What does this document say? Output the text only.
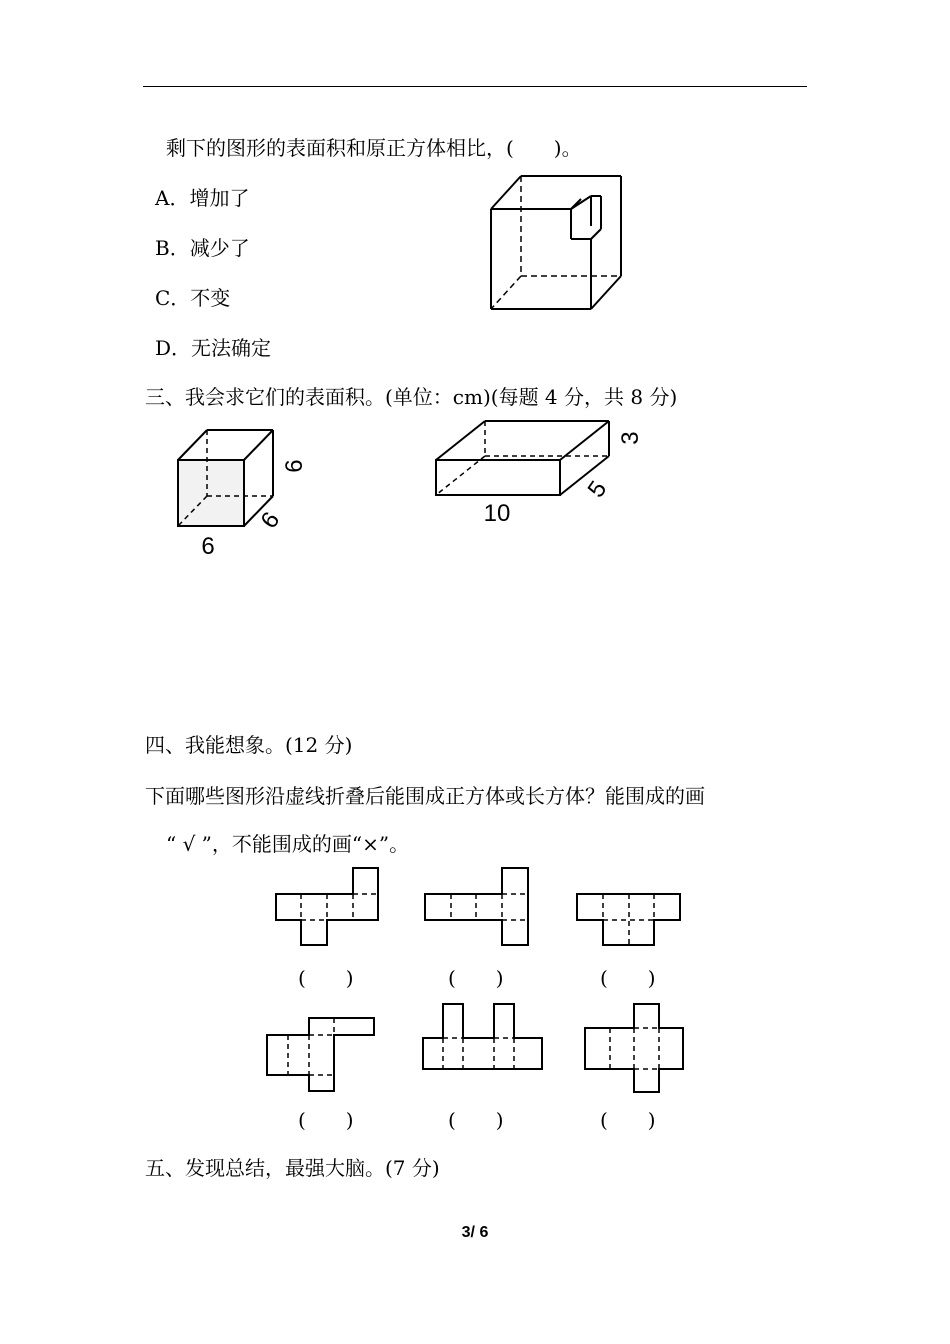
剩下的图形的表面积和原正方体相比，(　　)。
A．增加了
B．减少了
C．不变
D．无法确定
三、我会求它们的表面积。(单位：cm)(每题 4 分，共 8 分)
6
6
6
10
5
3
四、我能想象。(12 分)
下面哪些图形沿虚线折叠后能围成正方体或长方体？能围成的画
“ √ ”，不能围成的画“×”。
(　　)	(　　)	(　　)
(　　)	(　　)	(　　)
五、发现总结，最强大脑。(7 分)
3/ 6
